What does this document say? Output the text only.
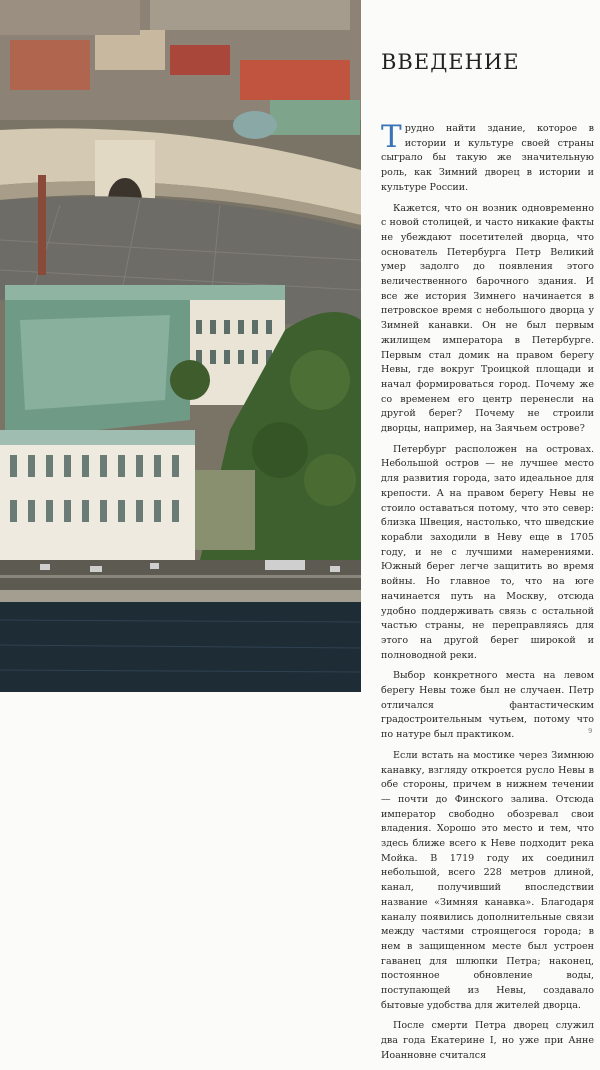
ВВЕДЕНИЕ

Трудно найти здание, которое в истории и культуре своей страны сыграло бы такую же значительную роль, как Зимний дворец в истории и культуре России.

Кажется, что он возник одновременно с новой столицей, и часто никакие факты не убеждают посетителей дворца, что основатель Петербурга Петр Великий умер задолго до появления этого величественного барочного здания. И все же история Зимнего начинается в петровское время с небольшого дворца у Зимней канавки. Он не был первым жилищем императора в Петербурге. Первым стал домик на правом берегу Невы, где вокруг Троицкой площади и начал формироваться город. Почему же со временем его центр перенесли на другой берег? Почему не строили дворцы, например, на Заячьем острове?

Петербург расположен на островах. Небольшой остров — не лучшее место для развития города, зато идеальное для крепости. А на правом берегу Невы не стоило оставаться потому, что это север: близка Швеция, настолько, что шведские корабли заходили в Неву еще в 1705 году, и не с лучшими намерениями. Южный берег легче защитить во время войны. Но главное то, что на юге начинается путь на Москву, отсюда удобно поддерживать связь с остальной частью страны, не переправляясь для этого на другой берег широкой и полноводной реки.

Выбор конкретного места на левом берегу Невы тоже был не случаен. Петр отличался фантастическим градостроительным чутьем, потому что по натуре был практиком.

Если встать на мостике через Зимнюю канавку, взгляду откроется русло Невы в обе стороны, причем в нижнем течении — почти до Финского залива. Отсюда император свободно обозревал свои владения. Хорошо это место и тем, что здесь ближе всего к Неве подходит река Мойка. В 1719 году их соединил небольшой, всего 228 метров длиной, канал, получивший впоследствии название «Зимняя канавка». Благодаря каналу появились дополнительные связи между частями строящегося города; в нем в защищенном месте был устроен гаванец для шлюпки Петра; наконец, постоянное обновление воды, поступающей из Невы, создавало бытовые удобства для жителей дворца.

После смерти Петра дворец служил два года Екатерине I, но уже при Анне Иоанновне считался

9
